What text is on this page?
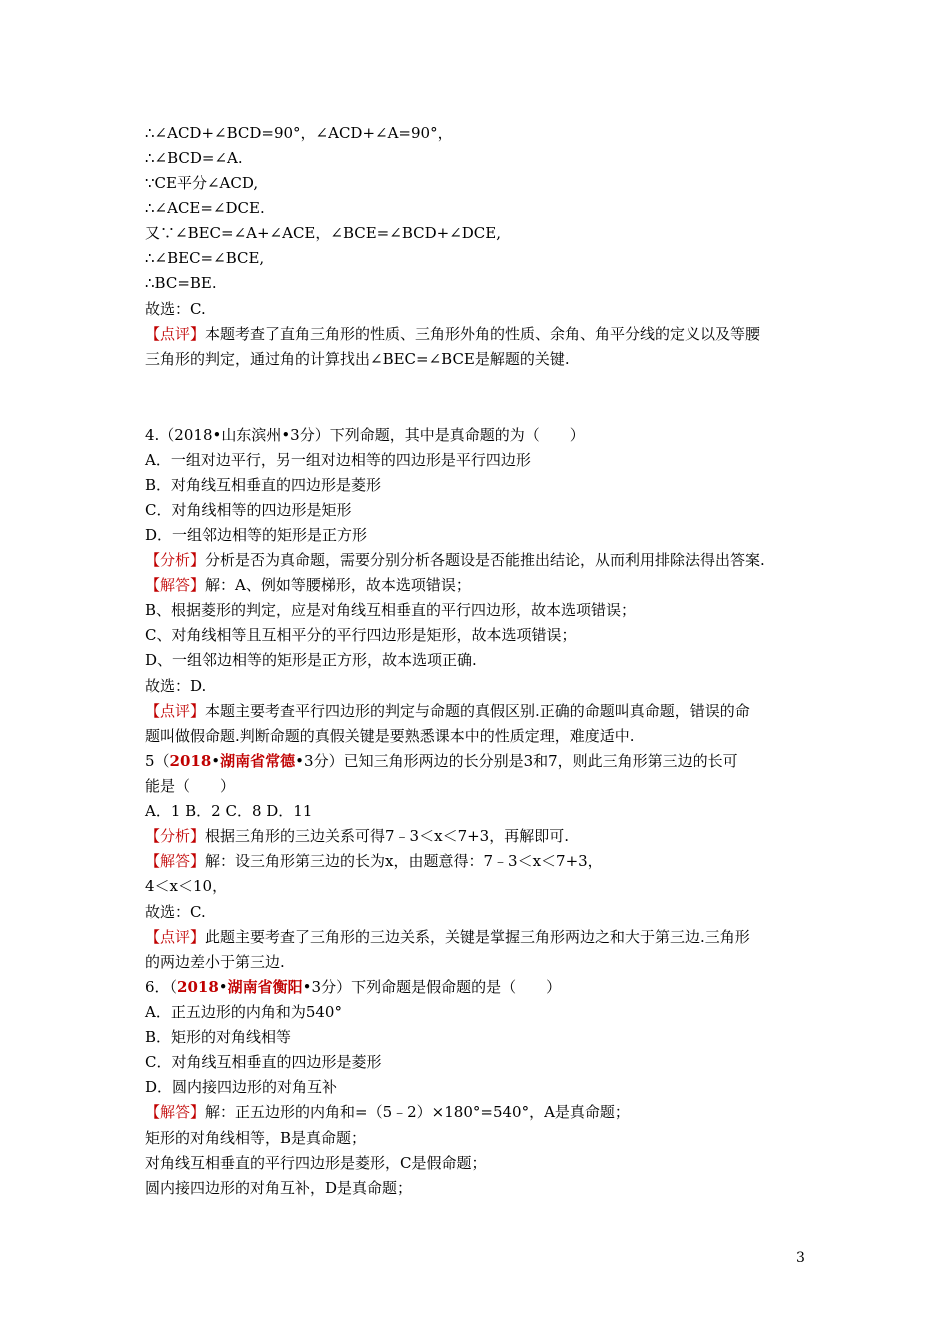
∴∠ACD+∠BCD=90°，∠ACD+∠A=90°，
∴∠BCD=∠A.
∵CE平分∠ACD,
∴∠ACE=∠DCE.
又∵∠BEC=∠A+∠ACE，∠BCE=∠BCD+∠DCE,
∴∠BEC=∠BCE,
∴BC=BE.
故选：C.
【点评】本题考查了直角三角形的性质、三角形外角的性质、余角、角平分线的定义以及等腰
三角形的判定，通过角的计算找出∠BEC=∠BCE是解题的关键.
4.（2018•山东滨州•3分）下列命题，其中是真命题的为（　　）
A．一组对边平行，另一组对边相等的四边形是平行四边形
B．对角线互相垂直的四边形是菱形
C．对角线相等的四边形是矩形
D．一组邻边相等的矩形是正方形
【分析】分析是否为真命题，需要分别分析各题设是否能推出结论，从而利用排除法得出答案.
【解答】解：A、例如等腰梯形，故本选项错误；
B、根据菱形的判定，应是对角线互相垂直的平行四边形，故本选项错误；
C、对角线相等且互相平分的平行四边形是矩形，故本选项错误；
D、一组邻边相等的矩形是正方形，故本选项正确.
故选：D.
【点评】本题主要考查平行四边形的判定与命题的真假区别.正确的命题叫真命题，错误的命
题叫做假命题.判断命题的真假关键是要熟悉课本中的性质定理，难度适中.
5（2018•湖南省常德•3分）已知三角形两边的长分别是3和7，则此三角形第三边的长可
能是（　　）
A．1 B．2 C．8 D．11
【分析】根据三角形的三边关系可得7﹣3＜x＜7+3，再解即可.
【解答】解：设三角形第三边的长为x，由题意得：7﹣3＜x＜7+3，
4＜x＜10，
故选：C.
【点评】此题主要考查了三角形的三边关系，关键是掌握三角形两边之和大于第三边.三角形
的两边差小于第三边.
6．（2018•湖南省衡阳•3分）下列命题是假命题的是（　　）
A．正五边形的内角和为540°
B．矩形的对角线相等
C．对角线互相垂直的四边形是菱形
D．圆内接四边形的对角互补
【解答】解：正五边形的内角和=（5﹣2）×180°=540°，A是真命题；
矩形的对角线相等，B是真命题；
对角线互相垂直的平行四边形是菱形，C是假命题；
圆内接四边形的对角互补，D是真命题；
3
